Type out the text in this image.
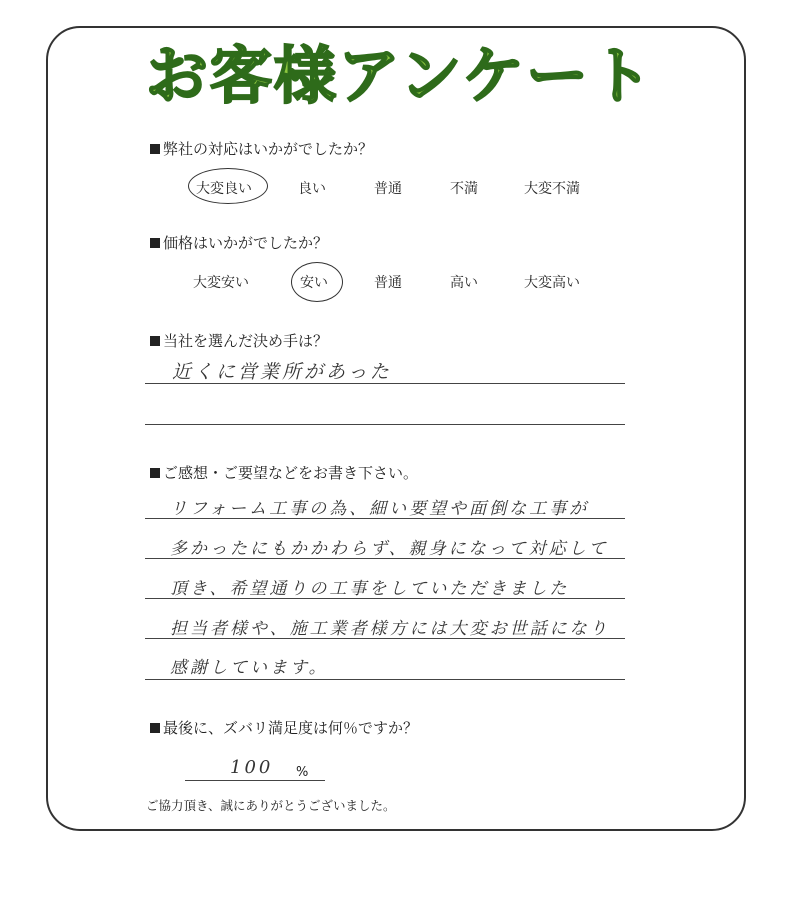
お客様アンケート
弊社の対応はいかがでしたか？
大変良い	良い	普通	不満	大変不満
価格はいかがでしたか？
大変安い	安い	普通	高い	大変高い
当社を選んだ決め手は？
近くに営業所があった
ご感想・ご要望などをお書き下さい。
リフォーム工事の為、細い要望や面倒な工事が
多かったにもかかわらず、親身になって対応して
頂き、希望通りの工事をしていただきました
担当者様や、施工業者様方には大変お世話になり
感謝しています。
最後に、ズバリ満足度は何％ですか？
100 %
ご協力頂き、誠にありがとうございました。
